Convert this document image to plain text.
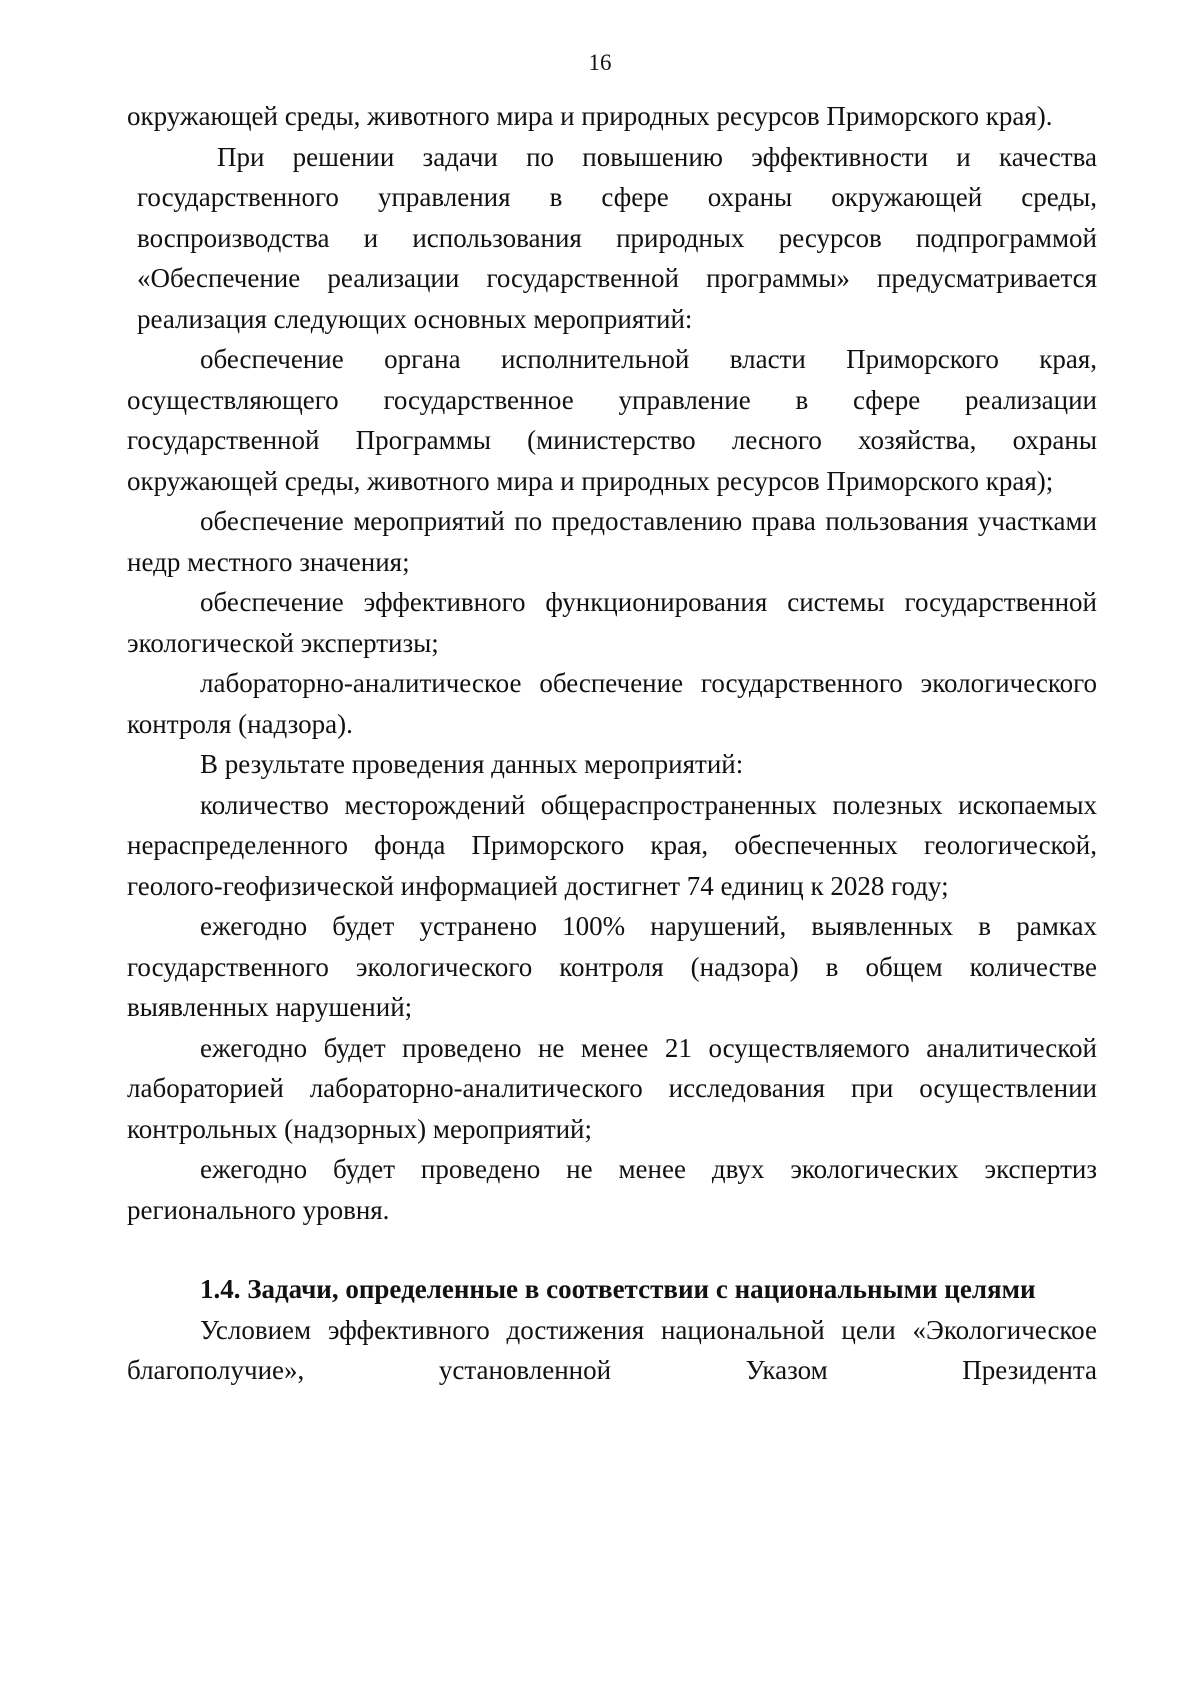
16

окружающей среды, животного мира и природных ресурсов Приморского края).

При решении задачи по повышению эффективности и качества государственного управления в сфере охраны окружающей среды, воспроизводства и использования природных ресурсов подпрограммой «Обеспечение реализации государственной программы» предусматривается реализация следующих основных мероприятий:

обеспечение органа исполнительной власти Приморского края, осуществляющего государственное управление в сфере реализации государственной Программы (министерство лесного хозяйства, охраны окружающей среды, животного мира и природных ресурсов Приморского края);

обеспечение мероприятий по предоставлению права пользования участками недр местного значения;

обеспечение эффективного функционирования системы государственной экологической экспертизы;

лабораторно-аналитическое обеспечение государственного экологического контроля (надзора).

В результате проведения данных мероприятий:

количество месторождений общераспространенных полезных ископаемых нераспределенного фонда Приморского края, обеспеченных геологической, геолого-геофизической информацией достигнет 74 единиц к 2028 году;

ежегодно будет устранено 100% нарушений, выявленных в рамках государственного экологического контроля (надзора) в общем количестве выявленных нарушений;

ежегодно будет проведено не менее 21 осуществляемого аналитической лабораторией лабораторно-аналитического исследования при осуществлении контрольных (надзорных) мероприятий;

ежегодно будет проведено не менее двух экологических экспертиз регионального уровня.

1.4. Задачи, определенные в соответствии с национальными целями

Условием эффективного достижения национальной цели «Экологическое благополучие», установленной Указом Президента
